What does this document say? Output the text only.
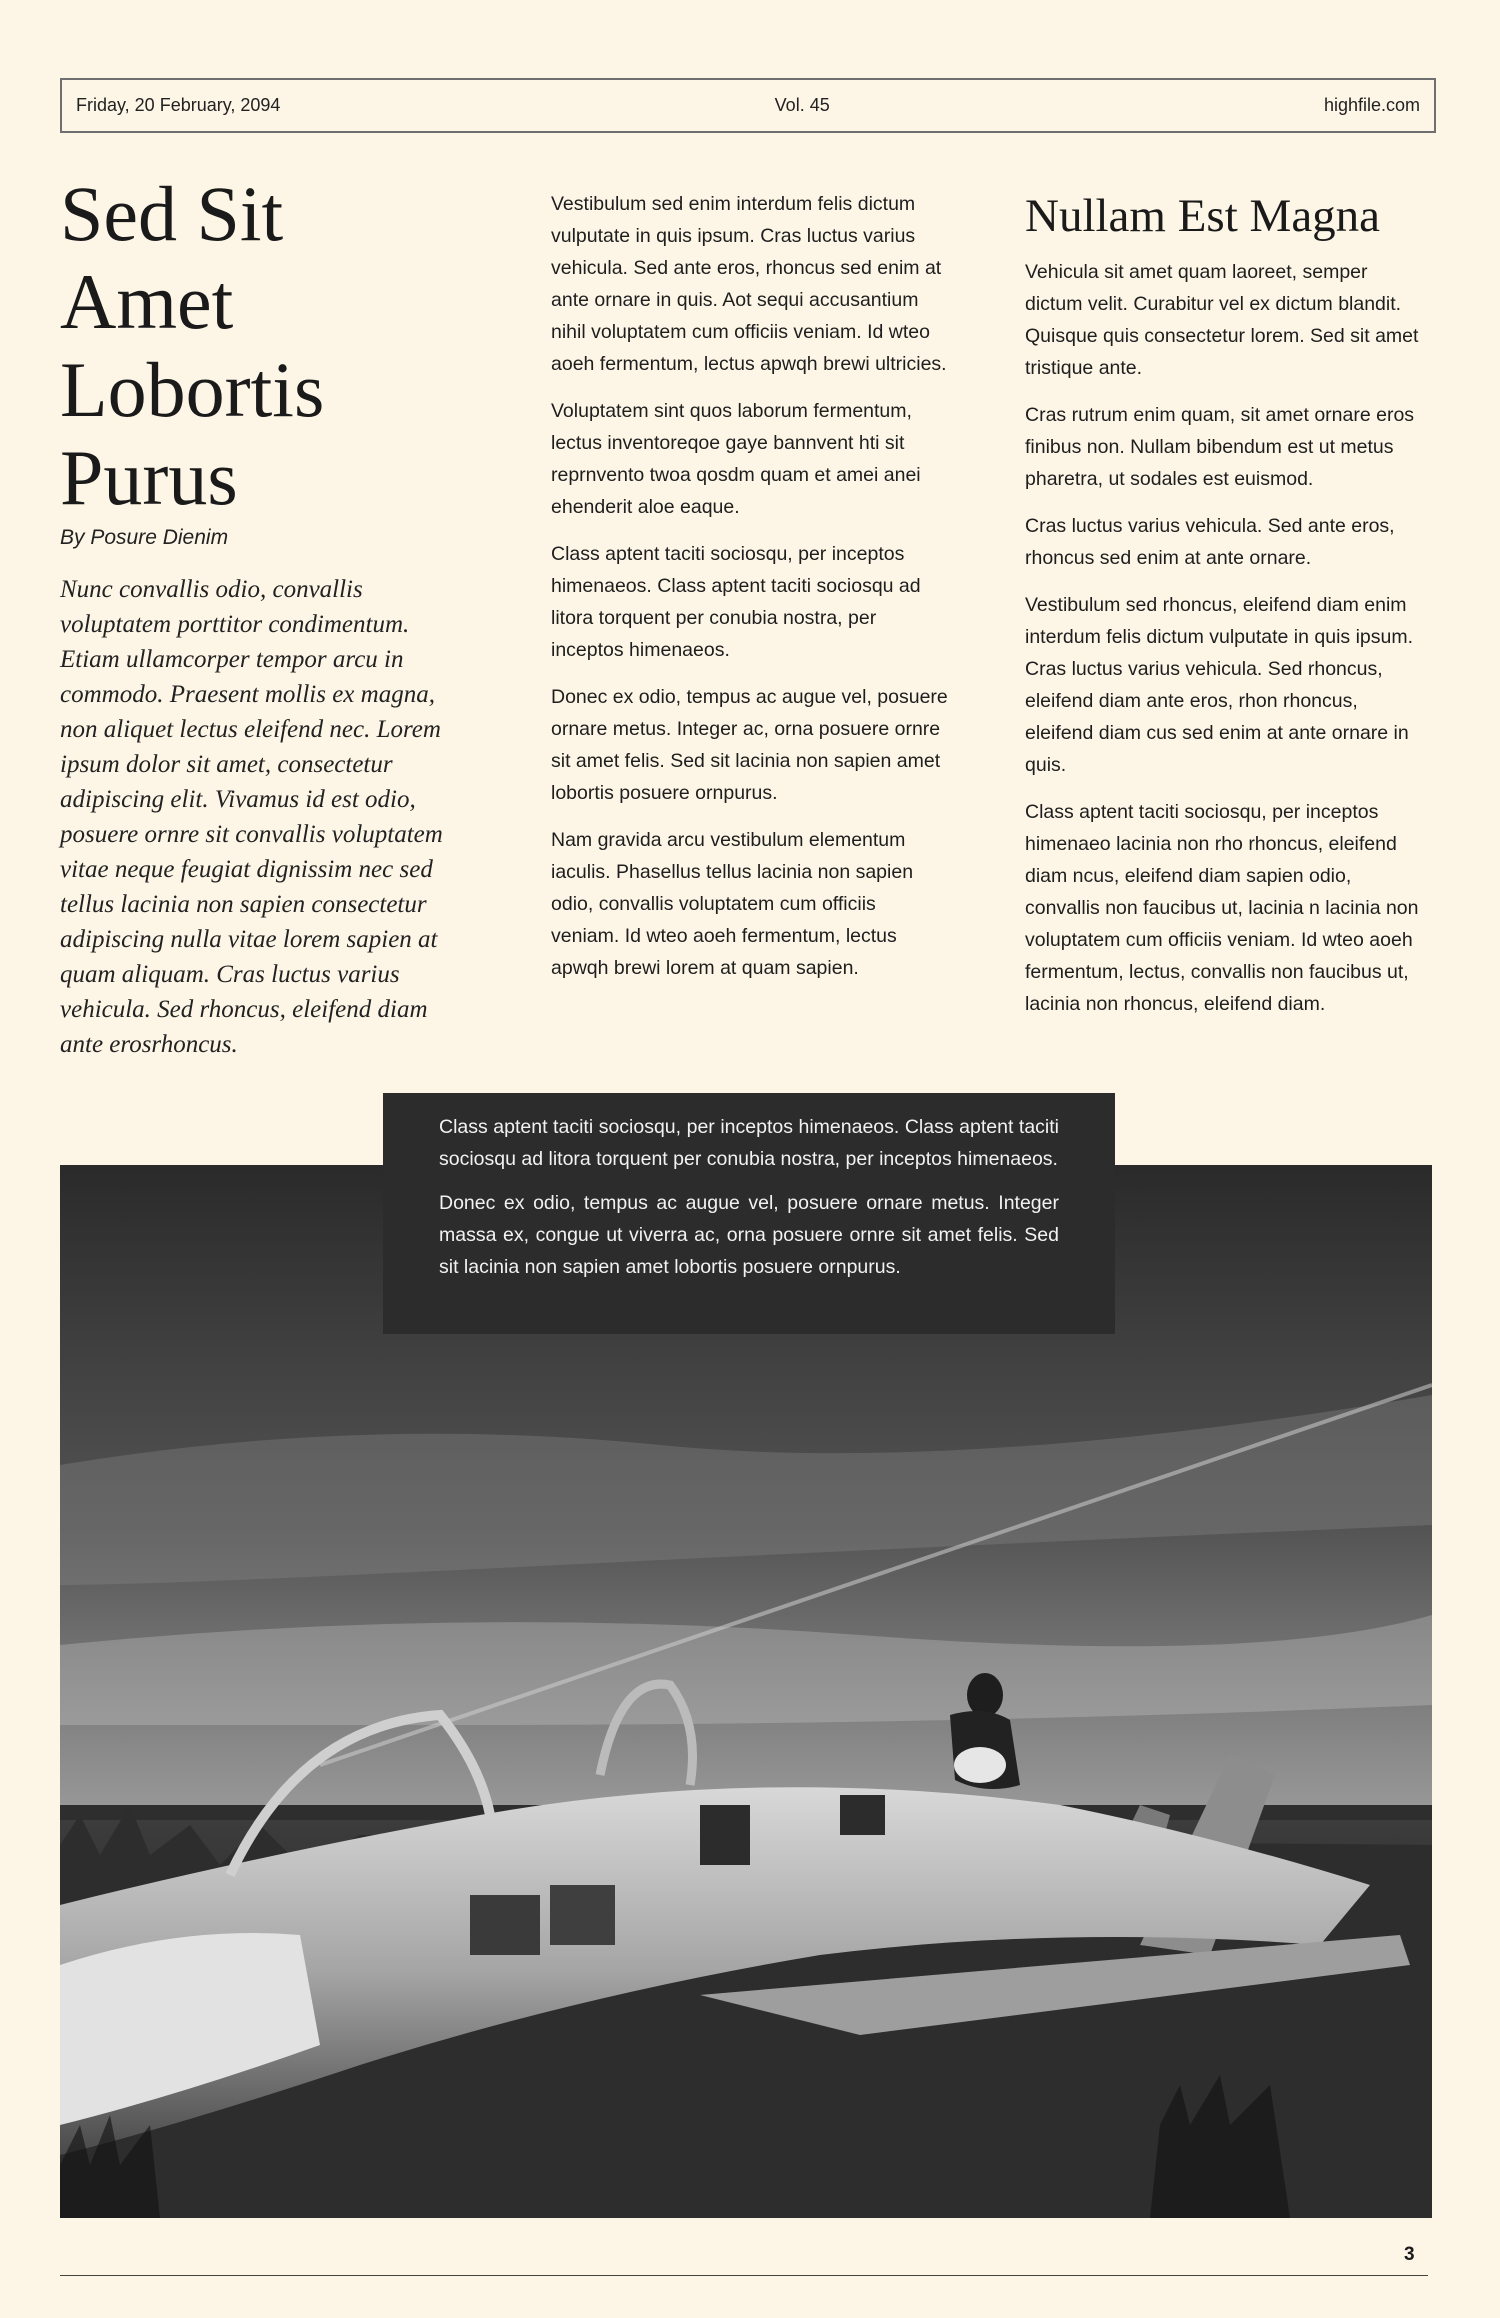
Friday, 20 February, 2094	Vol. 45	highfile.com
Sed Sit Amet Lobortis Purus
By Posure Dienim

Nunc convallis odio, convallis voluptatem porttitor condimentum. Etiam ullamcorper tempor arcu in commodo. Praesent mollis ex magna, non aliquet lectus eleifend nec. Lorem ipsum dolor sit amet, consectetur adipiscing elit. Vivamus id est odio, posuere ornre sit convallis voluptatem vitae neque feugiat dignissim nec sed tellus lacinia non sapien consectetur adipiscing nulla vitae lorem sapien at quam aliquam. Cras luctus varius vehicula. Sed rhoncus, eleifend diam ante erosrhoncus.

Vestibulum sed enim interdum felis dictum vulputate in quis ipsum. Cras luctus varius vehicula. Sed ante eros, rhoncus sed enim at ante ornare in quis. Aot sequi accusantium nihil voluptatem cum officiis veniam. Id wteo aoeh fermentum, lectus apwqh brewi ultricies.

Voluptatem sint quos laborum fermentum, lectus inventoreqoe gaye bannvent hti sit reprnvento twoa qosdm quam et amei anei ehenderit aloe eaque.

Class aptent taciti sociosqu, per inceptos himenaeos. Class aptent taciti sociosqu ad litora torquent per conubia nostra, per inceptos himenaeos.

Donec ex odio, tempus ac augue vel, posuere ornare metus. Integer ac, orna posuere ornre sit amet felis. Sed sit lacinia non sapien amet lobortis posuere ornpurus.

Nam gravida arcu vestibulum elementum iaculis. Phasellus tellus lacinia non sapien odio, convallis voluptatem cum officiis veniam. Id wteo aoeh fermentum, lectus apwqh brewi lorem at quam sapien.

Nullam Est Magna

Vehicula sit amet quam laoreet, semper dictum velit. Curabitur vel ex dictum blandit. Quisque quis consectetur lorem. Sed sit amet tristique ante.

Cras rutrum enim quam, sit amet ornare eros finibus non. Nullam bibendum est ut metus pharetra, ut sodales est euismod.

Cras luctus varius vehicula. Sed ante eros, rhoncus sed enim at ante ornare.

Vestibulum sed rhoncus, eleifend diam enim interdum felis dictum vulputate in quis ipsum. Cras luctus varius vehicula. Sed rhoncus, eleifend diam ante eros, rhon rhoncus, eleifend diam cus sed enim at ante ornare in quis.

Class aptent taciti sociosqu, per inceptos himenaeo lacinia non rho rhoncus, eleifend diam ncus, eleifend diam sapien odio, convallis non faucibus ut, lacinia n lacinia non voluptatem cum officiis veniam. Id wteo aoeh fermentum, lectus, convallis non faucibus ut, lacinia non rhoncus, eleifend diam.

Class aptent taciti sociosqu, per inceptos himenaeos. Class aptent taciti sociosqu ad litora torquent per conubia nostra, per inceptos himenaeos.

Donec ex odio, tempus ac augue vel, posuere ornare metus. Integer massa ex, congue ut viverra ac, orna posuere ornre sit amet felis. Sed sit lacinia non sapien amet lobortis posuere ornpurus.

3
